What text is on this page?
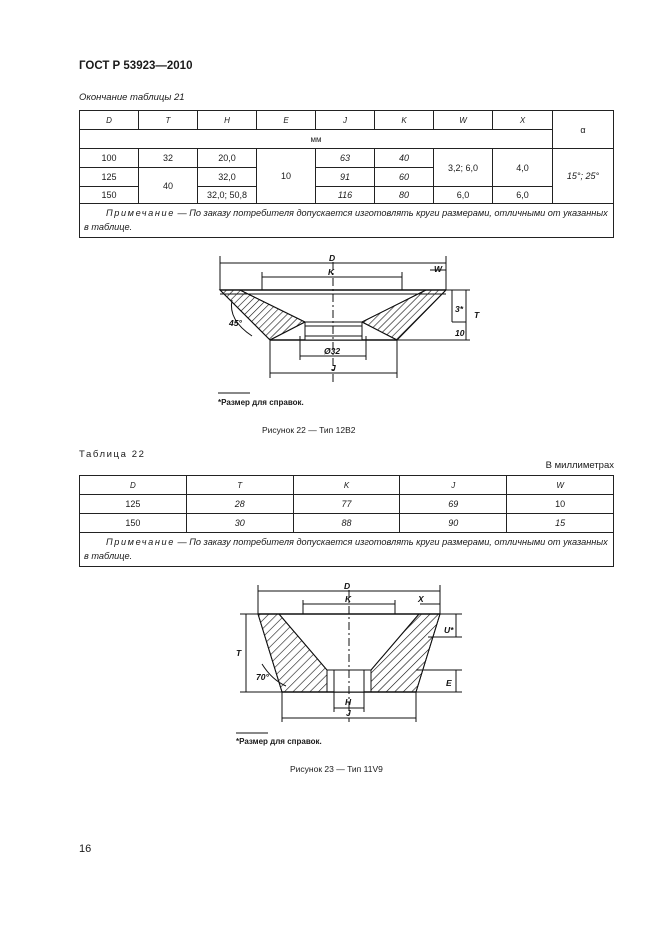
ГОСТ Р 53923—2010
Окончание таблицы 21
D	T	H	E	J	K	W	X	α
мм								
100	32	20,0	10	63	40	3,2; 6,0	4,0	15°; 25°
125	40	32,0		91	60			
150		32,0; 50,8		116	80	6,0	6,0	
Примечание — По заказу потребителя допускается изготовлять круги размерами, отличными от указанных в таблице.								
D
K	W
T
45°
3*
10
Ø32
J
*Размер для справок.
Рисунок 22 — Тип 12В2
Таблица 22
В миллиметрах
D	T	K	J	W
125	28	77	69	10
150	30	88	90	15
Примечание — По заказу потребителя допускается изготовлять круги размерами, отличными от указанных в таблице.				
D
K	X
T
U*
E
70°
H
J
*Размер для справок.
Рисунок 23 — Тип 11V9
16
